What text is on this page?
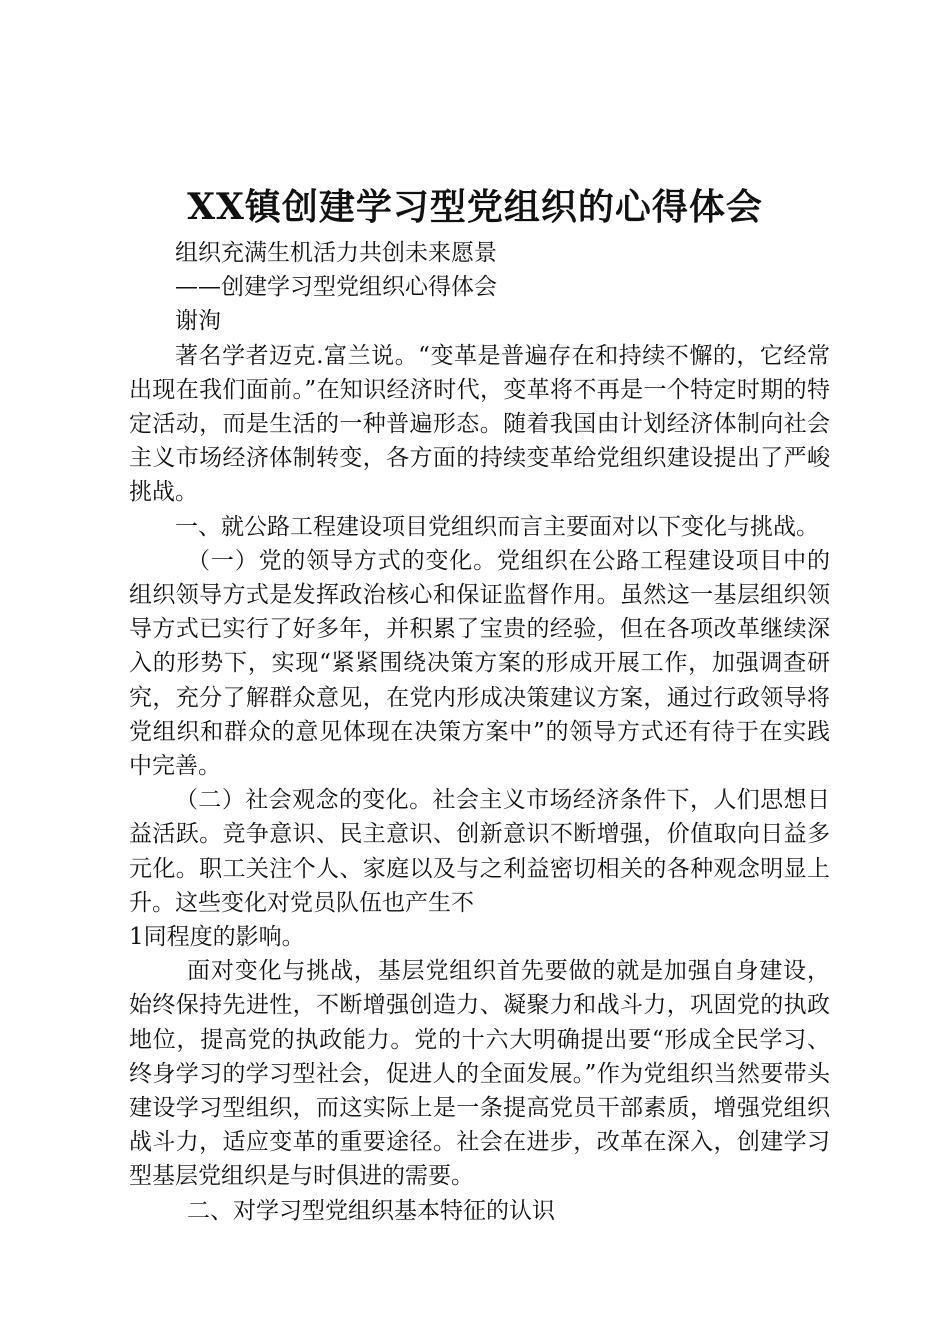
XX镇创建学习型党组织的心得体会

组织充满生机活力共创未来愿景

——创建学习型党组织心得体会

谢洵

著名学者迈克.富兰说。“变革是普遍存在和持续不懈的，它经常出现在我们面前。”在知识经济时代，变革将不再是一个特定时期的特定活动，而是生活的一种普遍形态。随着我国由计划经济体制向社会主义市场经济体制转变，各方面的持续变革给党组织建设提出了严峻挑战。

一、就公路工程建设项目党组织而言主要面对以下变化与挑战。

（一）党的领导方式的变化。党组织在公路工程建设项目中的组织领导方式是发挥政治核心和保证监督作用。虽然这一基层组织领导方式已实行了好多年，并积累了宝贵的经验，但在各项改革继续深入的形势下，实现“紧紧围绕决策方案的形成开展工作，加强调查研究，充分了解群众意见，在党内形成决策建议方案，通过行政领导将党组织和群众的意见体现在决策方案中”的领导方式还有待于在实践中完善。

（二）社会观念的变化。社会主义市场经济条件下，人们思想日益活跃。竞争意识、民主意识、创新意识不断增强，价值取向日益多元化。职工关注个人、家庭以及与之利益密切相关的各种观念明显上升。这些变化对党员队伍也产生不

1同程度的影响。

面对变化与挑战，基层党组织首先要做的就是加强自身建设，始终保持先进性，不断增强创造力、凝聚力和战斗力，巩固党的执政地位，提高党的执政能力。党的十六大明确提出要“形成全民学习、终身学习的学习型社会，促进人的全面发展。”作为党组织当然要带头建设学习型组织，而这实际上是一条提高党员干部素质，增强党组织战斗力，适应变革的重要途径。社会在进步，改革在深入，创建学习型基层党组织是与时俱进的需要。

二、对学习型党组织基本特征的认识
